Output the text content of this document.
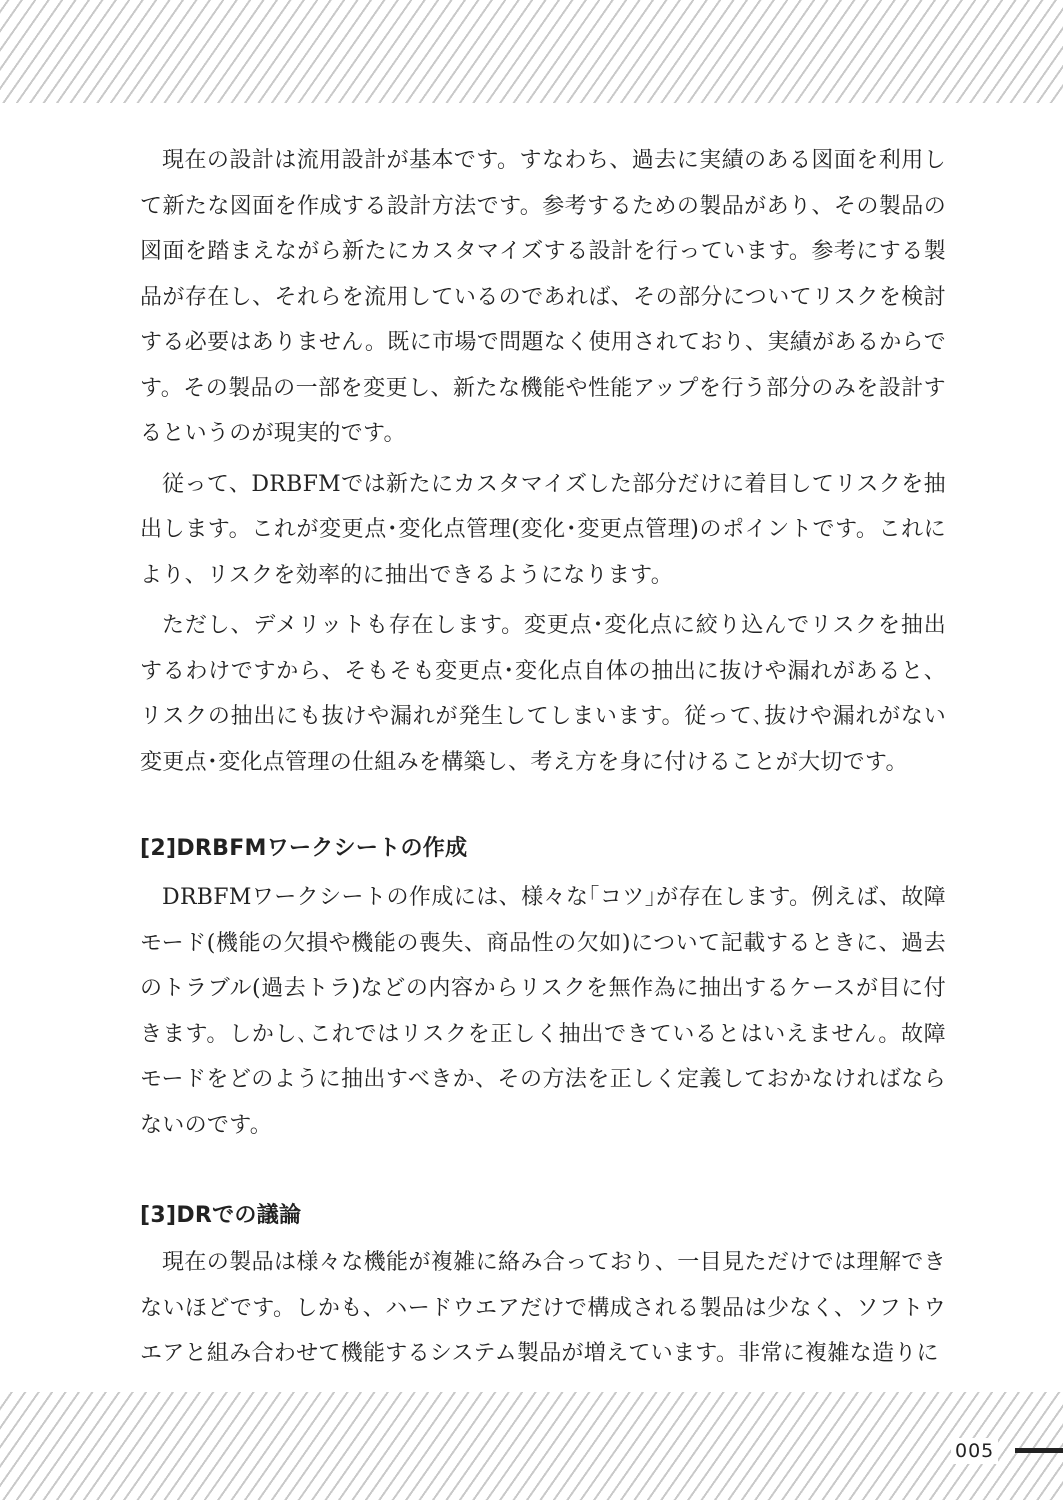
現在の設計は流用設計が基本です。すなわち、過去に実績のある図面を利用して新たな図面を作成する設計方法です。参考するための製品があり、その製品の図面を踏まえながら新たにカスタマイズする設計を行っています。参考にする製品が存在し、それらを流用しているのであれば、その部分についてリスクを検討する必要はありません。既に市場で問題なく使用されており、実績があるからです。その製品の一部を変更し、新たな機能や性能アップを行う部分のみを設計するというのが現実的です。

従って、DRBFMでは新たにカスタマイズした部分だけに着目してリスクを抽出します。これが変更点･変化点管理(変化･変更点管理)のポイントです。これにより、リスクを効率的に抽出できるようになります。

ただし、デメリットも存在します。変更点･変化点に絞り込んでリスクを抽出するわけですから、そもそも変更点･変化点自体の抽出に抜けや漏れがあると、リスクの抽出にも抜けや漏れが発生してしまいます。従って､抜けや漏れがない変更点･変化点管理の仕組みを構築し、考え方を身に付けることが大切です。

[2]DRBFMワークシートの作成

DRBFMワークシートの作成には、様々な｢コツ｣が存在します。例えば、故障モード(機能の欠損や機能の喪失、商品性の欠如)について記載するときに、過去のトラブル(過去トラ)などの内容からリスクを無作為に抽出するケースが目に付きます。しかし､これではリスクを正しく抽出できているとはいえません。故障モードをどのように抽出すべきか、その方法を正しく定義しておかなければならないのです。

[3]DRでの議論

現在の製品は様々な機能が複雑に絡み合っており、一目見ただけでは理解できないほどです。しかも、ハードウエアだけで構成される製品は少なく、ソフトウエアと組み合わせて機能するシステム製品が増えています。非常に複雑な造りに

005
